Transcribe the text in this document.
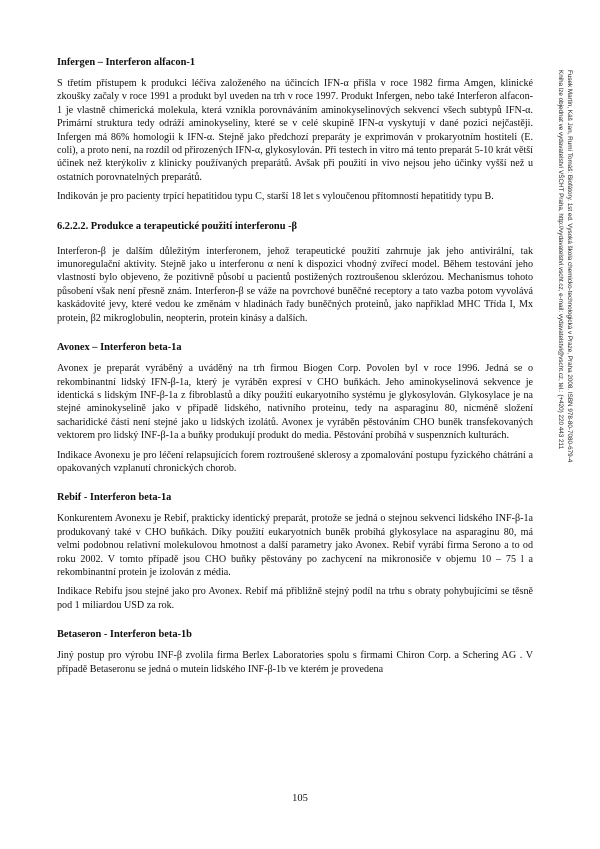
Infergen – Interferon alfacon-1

S třetím přístupem k produkci léčiva založeného na účincích IFN-α přišla v roce 1982 firma Amgen, klinické zkoušky začaly v roce 1991 a produkt byl uveden na trh v roce 1997. Produkt Infergen, nebo také Interferon alfacon-1 je vlastně chimerická molekula, která vznikla porovnáváním aminokyselinových sekvencí všech subtypů IFN-α. Primární struktura tedy odráží aminokyseliny, které se v celé skupině IFN-α vyskytují v dané pozici nejčastěji. Infergen má 86% homologii k IFN-α. Stejně jako předchozí preparáty je exprimován v prokaryotním hostiteli (E. coli), a proto není, na rozdíl od přirozených IFN-α, glykosylován. Při testech in vitro má tento preparát 5-10 krát větší účinek než kterýkoliv z klinicky používaných preparátů. Avšak při použití in vivo nejsou jeho účinky vyšší než u ostatních porovnatelných preparátů.

Indikován je pro pacienty trpící hepatitidou typu C, starší 18 let s vyloučenou přítomností hepatitidy typu B.

6.2.2.2. Produkce a terapeutické použití interferonu -β

Interferon-β je dalším důležitým interferonem, jehož terapeutické použití zahrnuje jak jeho antivirální, tak imunoregulační aktivity. Stejně jako u interferonu α není k dispozici vhodný zvířecí model. Během testování jeho vlastností bylo objeveno, že pozitivně působí u pacientů postižených roztroušenou sklerózou. Mechanismus tohoto působení však není přesně znám. Interferon-β se váže na povrchové buněčné receptory a tato vazba potom vyvolává kaskádovité jevy, které vedou ke změnám v hladinách řady buněčných proteinů, jako například MHC Třída I, Mx protein, β2 mikroglobulin, neopterin, protein kinásy a dalších.

Avonex – Interferon beta-1a

Avonex je preparát vyráběný a uváděný na trh firmou Biogen Corp. Povolen byl v roce 1996. Jedná se o rekombinantní lidský IFN-β-1a, který je vyráběn expresí v CHO buňkách. Jeho aminokyselinová sekvence je identická s lidským INF-β-1a z fibroblastů a díky použití eukaryotního systému je glykosylován. Glykosylace je na stejné aminokyselině jako v případě lidského, nativního proteinu, tedy na asparaginu 80, nicméně složení sacharidické části není stejné jako u lidských izolátů. Avonex je vyráběn pěstováním CHO buněk transfekovaných vektorem pro lidský INF-β-1a a buňky produkují produkt do media. Pěstování probíhá v suspenzních kulturách.

Indikace Avonexu je pro léčení relapsujících forem roztroušené sklerosy a zpomalování postupu fyzického chátrání a opakovaných vzplanutí chronických chorob.

Rebif - Interferon beta-1a

Konkurentem Avonexu je Rebif, prakticky identický preparát, protože se jedná o stejnou sekvenci lidského INF-β-1a produkovaný také v CHO buňkách. Díky použití eukaryotních buněk probíhá glykosylace na asparaginu 80, má velmi podobnou relativní molekulovou hmotnost a další parametry jako Avonex. Rebif vyrábí firma Serono a to od roku 2002. V tomto případě jsou CHO buňky pěstovány po zachycení na mikronosiče v objemu 10 – 75 l a rekombinantní protein je izolován z média.

Indikace Rebifu jsou stejné jako pro Avonex. Rebif má přibližně stejný podíl na trhu s obraty pohybujícími se těsně pod 1 miliardou USD za rok.

Betaseron - Interferon beta-1b

Jiný postup pro výrobu INF-β zvolila firma Berlex Laboratories spolu s firmami Chiron Corp. a Schering AG . V případě Betaseronu se jedná o mutein lidského INF-β-1b ve kterém je provedena

Fusek Martin, Káš Jan, Rumí Tomáš: Biofátory. 1st ed. Vysoká škola chemicko-technologická v Praze, Praha 2008. ISBN 978-80-7080-679-4
Kniha lze objednat ve vydavatelství VŠCHT Praha, http://vydavatelstvi.vscht.cz, e-mail: vydavatelstvi@vscht.cz, tel.: (+420) 220 443 211
105
